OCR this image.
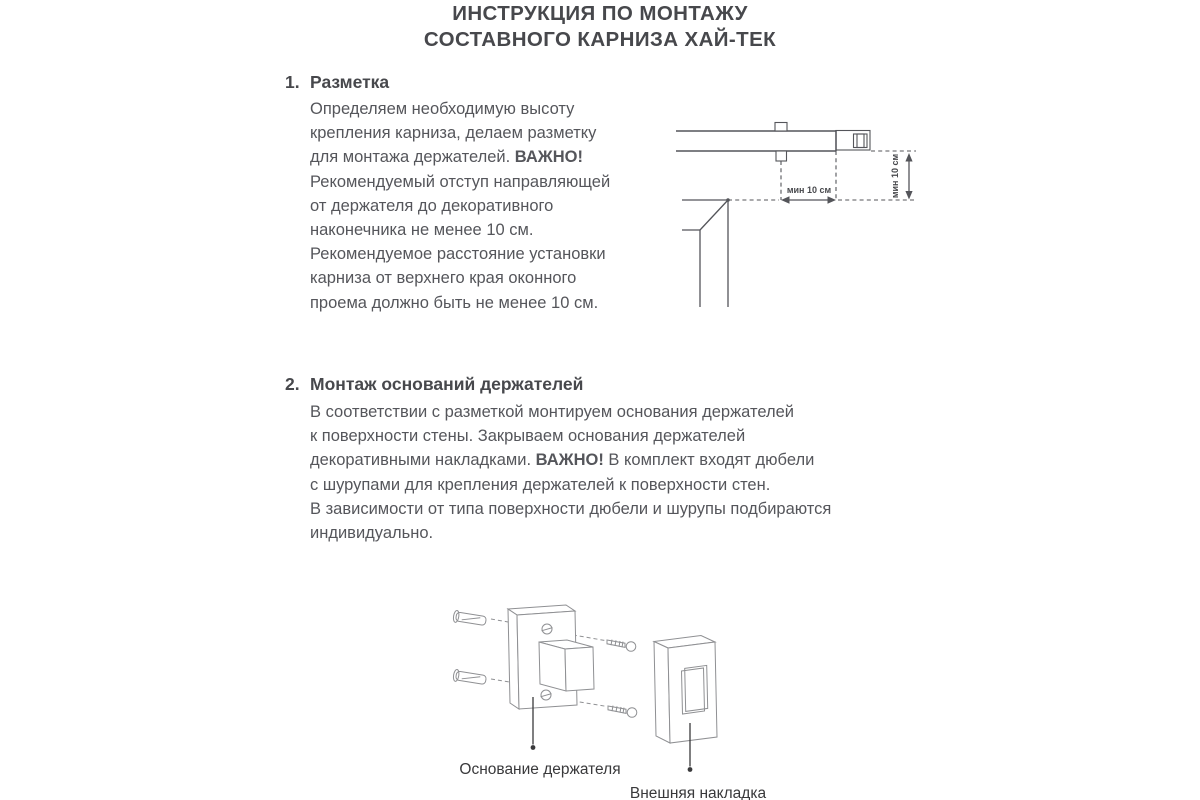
ИНСТРУКЦИЯ ПО МОНТАЖУ
СОСТАВНОГО КАРНИЗА ХАЙ-ТЕК
1. Разметка
Определяем необходимую высоту
крепления карниза, делаем разметку
для монтажа держателей. ВАЖНО!
Рекомендуемый отступ направляющей
от держателя до декоративного
наконечника не менее 10 см.
Рекомендуемое расстояние установки
карниза от верхнего края оконного
проема должно быть не менее 10 см.
мин 10 см	мин 10 см
2. Монтаж оснований держателей
В соответствии с разметкой монтируем основания держателей
к поверхности стены. Закрываем основания держателей
декоративными накладками. ВАЖНО! В комплект входят дюбели
с шурупами для крепления держателей к поверхности стен.
В зависимости от типа поверхности дюбели и шурупы подбираются
индивидуально.
Основание держателя
Внешняя накладка
